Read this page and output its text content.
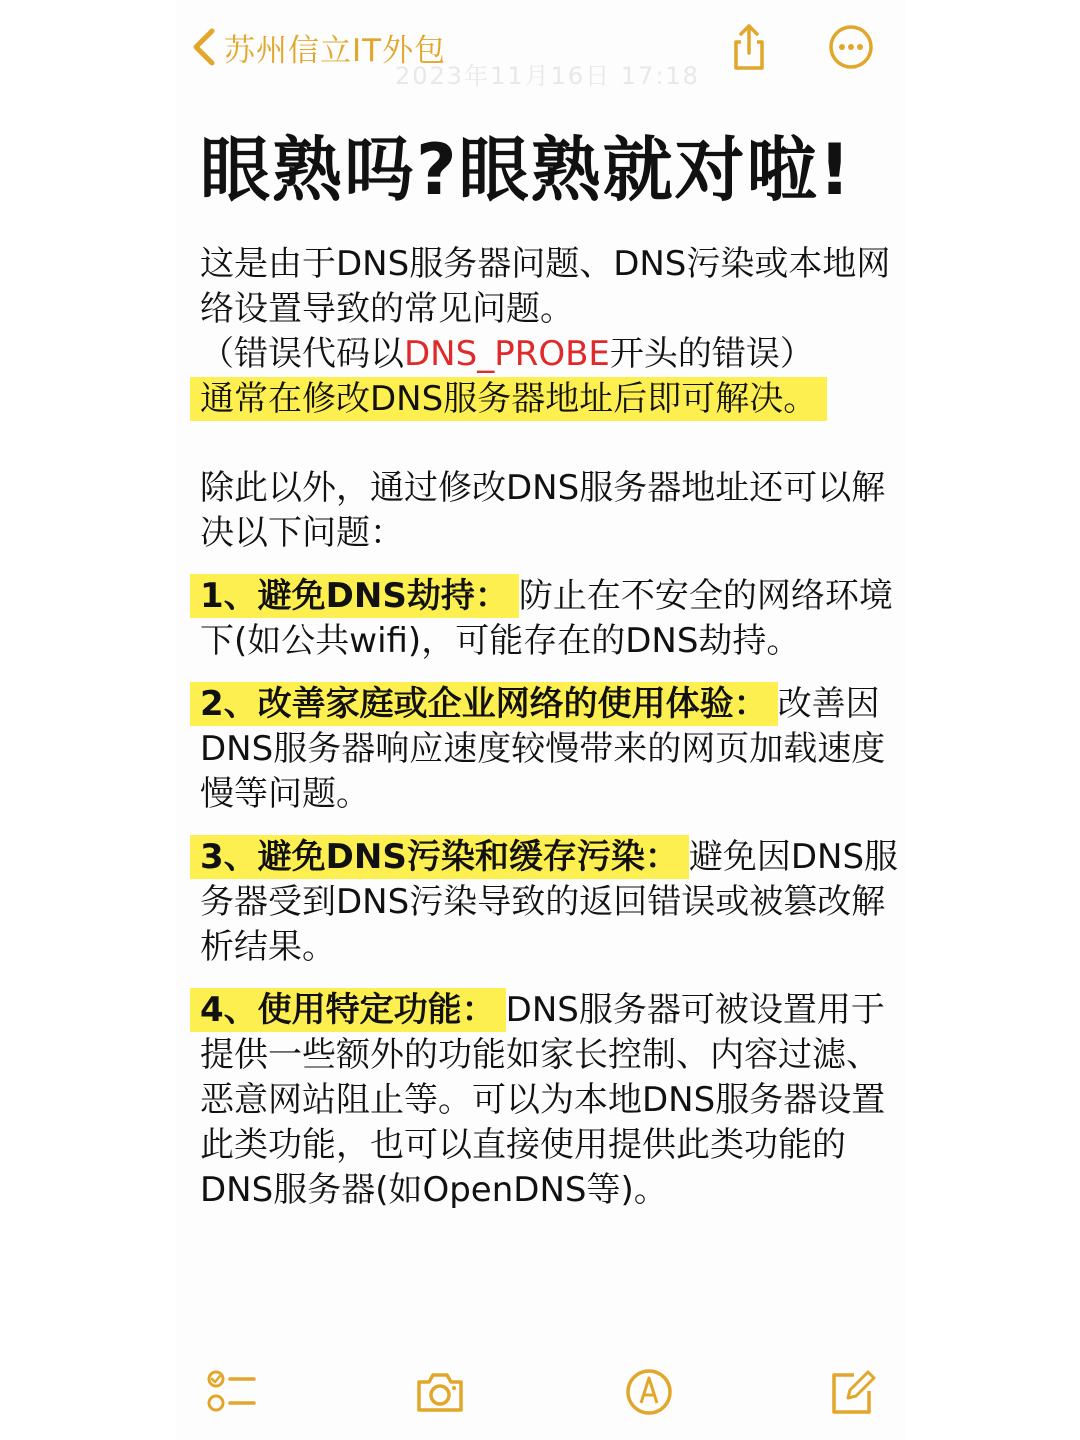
苏州信立IT外包
2023年11月16日 17:18
眼熟吗?眼熟就对啦!

这是由于DNS服务器问题、DNS污染或本地网络设置导致的常见问题。
（错误代码以DNS_PROBE开头的错误）
通常在修改DNS服务器地址后即可解决。

除此以外，通过修改DNS服务器地址还可以解决以下问题：

1、避免DNS劫持： 防止在不安全的网络环境下(如公共wifi)，可能存在的DNS劫持。

2、改善家庭或企业网络的使用体验： 改善因DNS服务器响应速度较慢带来的网页加载速度慢等问题。

3、避免DNS污染和缓存污染： 避免因DNS服务器受到DNS污染导致的返回错误或被篡改解析结果。

4、使用特定功能： DNS服务器可被设置用于提供一些额外的功能如家长控制、内容过滤、恶意网站阻止等。可以为本地DNS服务器设置此类功能，也可以直接使用提供此类功能的DNS服务器(如OpenDNS等)。
